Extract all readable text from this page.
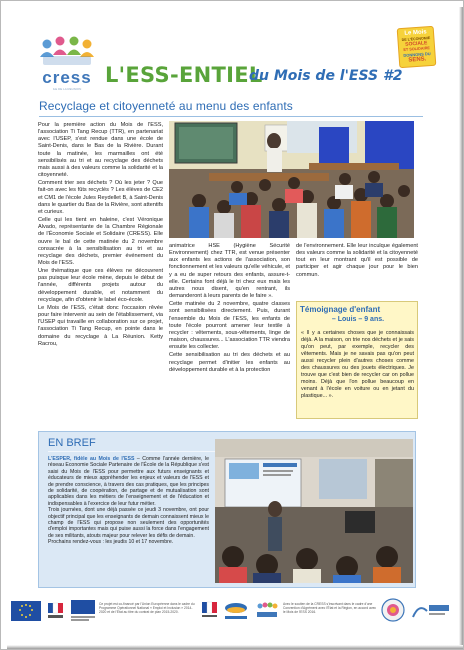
cress
ILE DE LA REUNION
L'ESS-ENTIEL
du Mois de l'ESS #2
Le Mois
DE L'ÉCONOMIE
SOCIALE
ET SOLIDAIRE
DONNONS DU
SENS.
Recyclage et citoyenneté au menu des enfants

Pour la première action du Mois de l'ESS, l'association Ti Tang Recup (TTR), en partenariat avec l'USEP, s'est rendue dans une école de Saint-Denis, dans le Bas de la Rivière. Durant toute la matinée, les marmailles ont été sensibilisés au tri et au recyclage des déchets mais aussi à des valeurs comme la solidarité et la citoyenneté.

Comment trier ses déchets ? Où les jeter ? Que fait-on avec les fûts recyclés ? Les élèves de CE2 et CM1 de l'école Jules Reydellet B, à Saint-Denis dans le quartier du Bas de la Rivière, sont attentifs et curieux.

Celle qui les tient en haleine, c'est Véronique Alvado, représentante de la Chambre Régionale de l'Économie Sociale et Solidaire (CRESS). Elle ouvre le bal de cette matinée du 2 novembre consacrée à la sensibilisation au tri et au recyclage des déchets, premier événement du Mois de l'ESS.

Une thématique que ces élèves ne découvrent pas puisque leur école mène, depuis le début de l'année, différents projets autour du développement durable, et notamment du recyclage, afin d'obtenir le label éco-école.

Le Mois de l'ESS, c'était donc l'occasion rêvée pour faire intervenir au sein de l'établissement, via l'USEP qui travaille en collaboration sur ce projet, l'association Ti Tang Recup, en pointe dans le domaine du recyclage à La Réunion. Ketty Racrou,

animatrice HSE (Hygiène Sécurité Environnement) chez TTR, est venue présenter aux enfants les actions de l'association, son fonctionnement et les valeurs qu'elle véhicule, et y a eu de super retours des enfants, assure-t-elle. Certains font déjà le tri chez eux mais les autres nous disent, qu'en rentrant, ils demanderont à leurs parents de le faire ».

Cette matinée du 2 novembre, quatre classes sont sensibilisées directement. Puis, durant l'ensemble du Mois de l'ESS, les enfants de toute l'école pourront amener leur textile à recycler : vêtements, sous-vêtements, linge de maison, chaussures... L'association TTR viendra ensuite les collecter.

Cette sensibilisation au tri des déchets et au recyclage permet d'initier les enfants au développement durable et à la protection

de l'environnement. Elle leur inculque également des valeurs comme la solidarité et la citoyenneté tout en leur montrant qu'il est possible de participer et agir chaque jour pour le bien commun.

Témoignage d'enfant
– Louis – 9 ans.
« Il y a certaines choses que je connaissais déjà. A la maison, on trie nos déchets et je sais qu'on peut, par exemple, recycler des vêtements. Mais je ne savais pas qu'on peut aussi recycler plein d'autres choses comme des chaussures ou des jouets électriques. Je trouve que c'est bien de recycler car on pollue moins. Déjà que l'on pollue beaucoup en venant à l'école en voiture ou en jetant du plastique... ».
EN BREF
L'ESPER, fidèle au Mois de l'ESS – Comme l'année dernière, le réseau Economie Sociale Partenaire de l'École de la République s'est saisi du Mois de l'ESS pour permettre aux futurs enseignants et éducateurs de mieux appréhender les enjeux et valeurs de l'ESS et de prendre conscience, à travers des cas pratiques, que les principes de solidarité, de coopération, de partage et de mutualisation sont applicables dans les métiers de l'enseignement et de l'éducation et indispensables à l'exercice de leur futur métier.
Trois journées, dont une déjà passée ce jeudi 3 novembre, ont pour objectif principal que les enseignants de demain connaissent mieux le champ de l'ESS qui propose non seulement des opportunités d'emploi importantes mais qui puise aussi la force dans l'engagement de ses militants, atouts majeur pour relever les défis de demain.
Prochains rendez-vous : les jeudis 10 et 17 novembre.
Ce projet est co-financé par l'Union Européenne dans le cadre du Programme Opérationnel National « Emploi et Inclusion » 2014-2020 et de l'État au titre du contrat de plan 2015-2020.
Avec le soutien de la CRESS s'inscrivant dans le cadre d'une Convention d'Agrément avec l'État et la Région, en accord avec le Mois de l'ESS 2016.
